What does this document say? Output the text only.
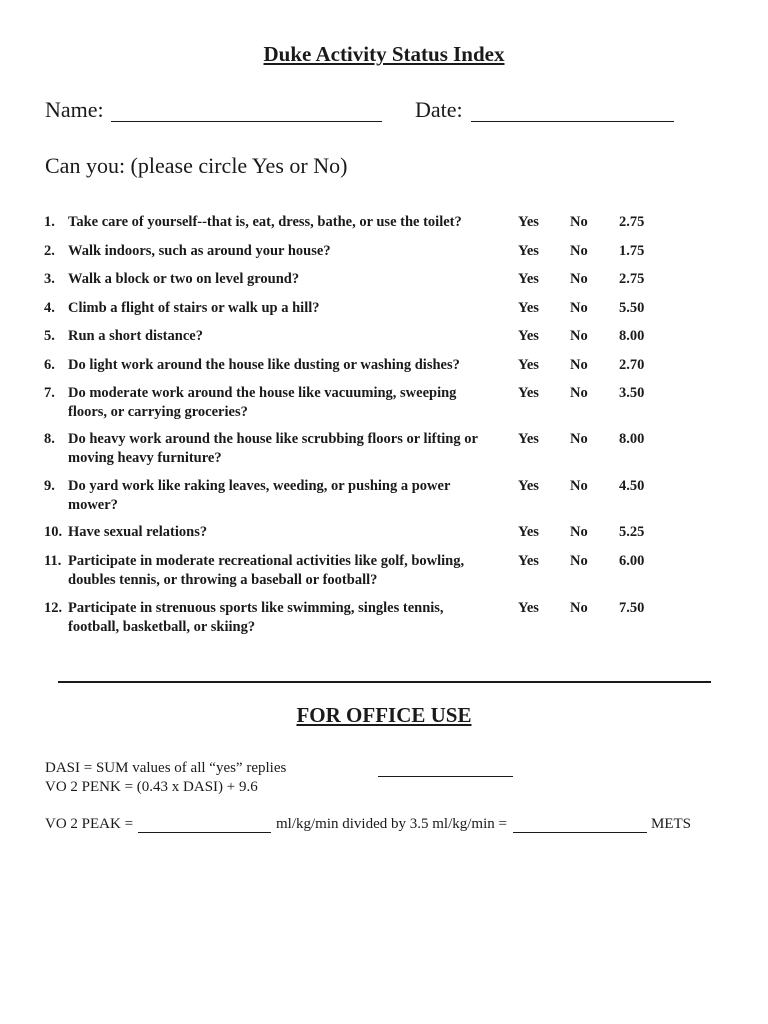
Duke Activity Status Index
Name:	Date:
Can you: (please circle Yes or No)
1. Take care of yourself--that is, eat, dress, bathe, or use the toilet?	Yes No 2.75
2. Walk indoors, such as around your house?	Yes No 1.75
3. Walk a block or two on level ground?	Yes No 2.75
4. Climb a flight of stairs or walk up a hill?	Yes No 5.50
5. Run a short distance?	Yes No 8.00
6. Do light work around the house like dusting or washing dishes?	Yes No 2.70
7. Do moderate work around the house like vacuuming, sweeping floors, or carrying groceries?
Yes No 3.50
8. Do heavy work around the house like scrubbing floors or lifting or moving heavy furniture?
Yes No 8.00
9. Do yard work like raking leaves, weeding, or pushing a power mower?
Yes No 4.50
10. Have sexual relations?	Yes No 5.25
11. Participate in moderate recreational activities like golf, bowling, doubles tennis, or throwing a baseball or football?
Yes No 6.00
12. Participate in strenuous sports like swimming, singles tennis, football, basketball, or skiing?
Yes No 7.50
FOR OFFICE USE
DASI = SUM values of all “yes” replies
VO 2 PENK = (0.43 x DASI) + 9.6
VO 2 PEAK =	ml/kg/min divided by 3.5 ml/kg/min =	METS
